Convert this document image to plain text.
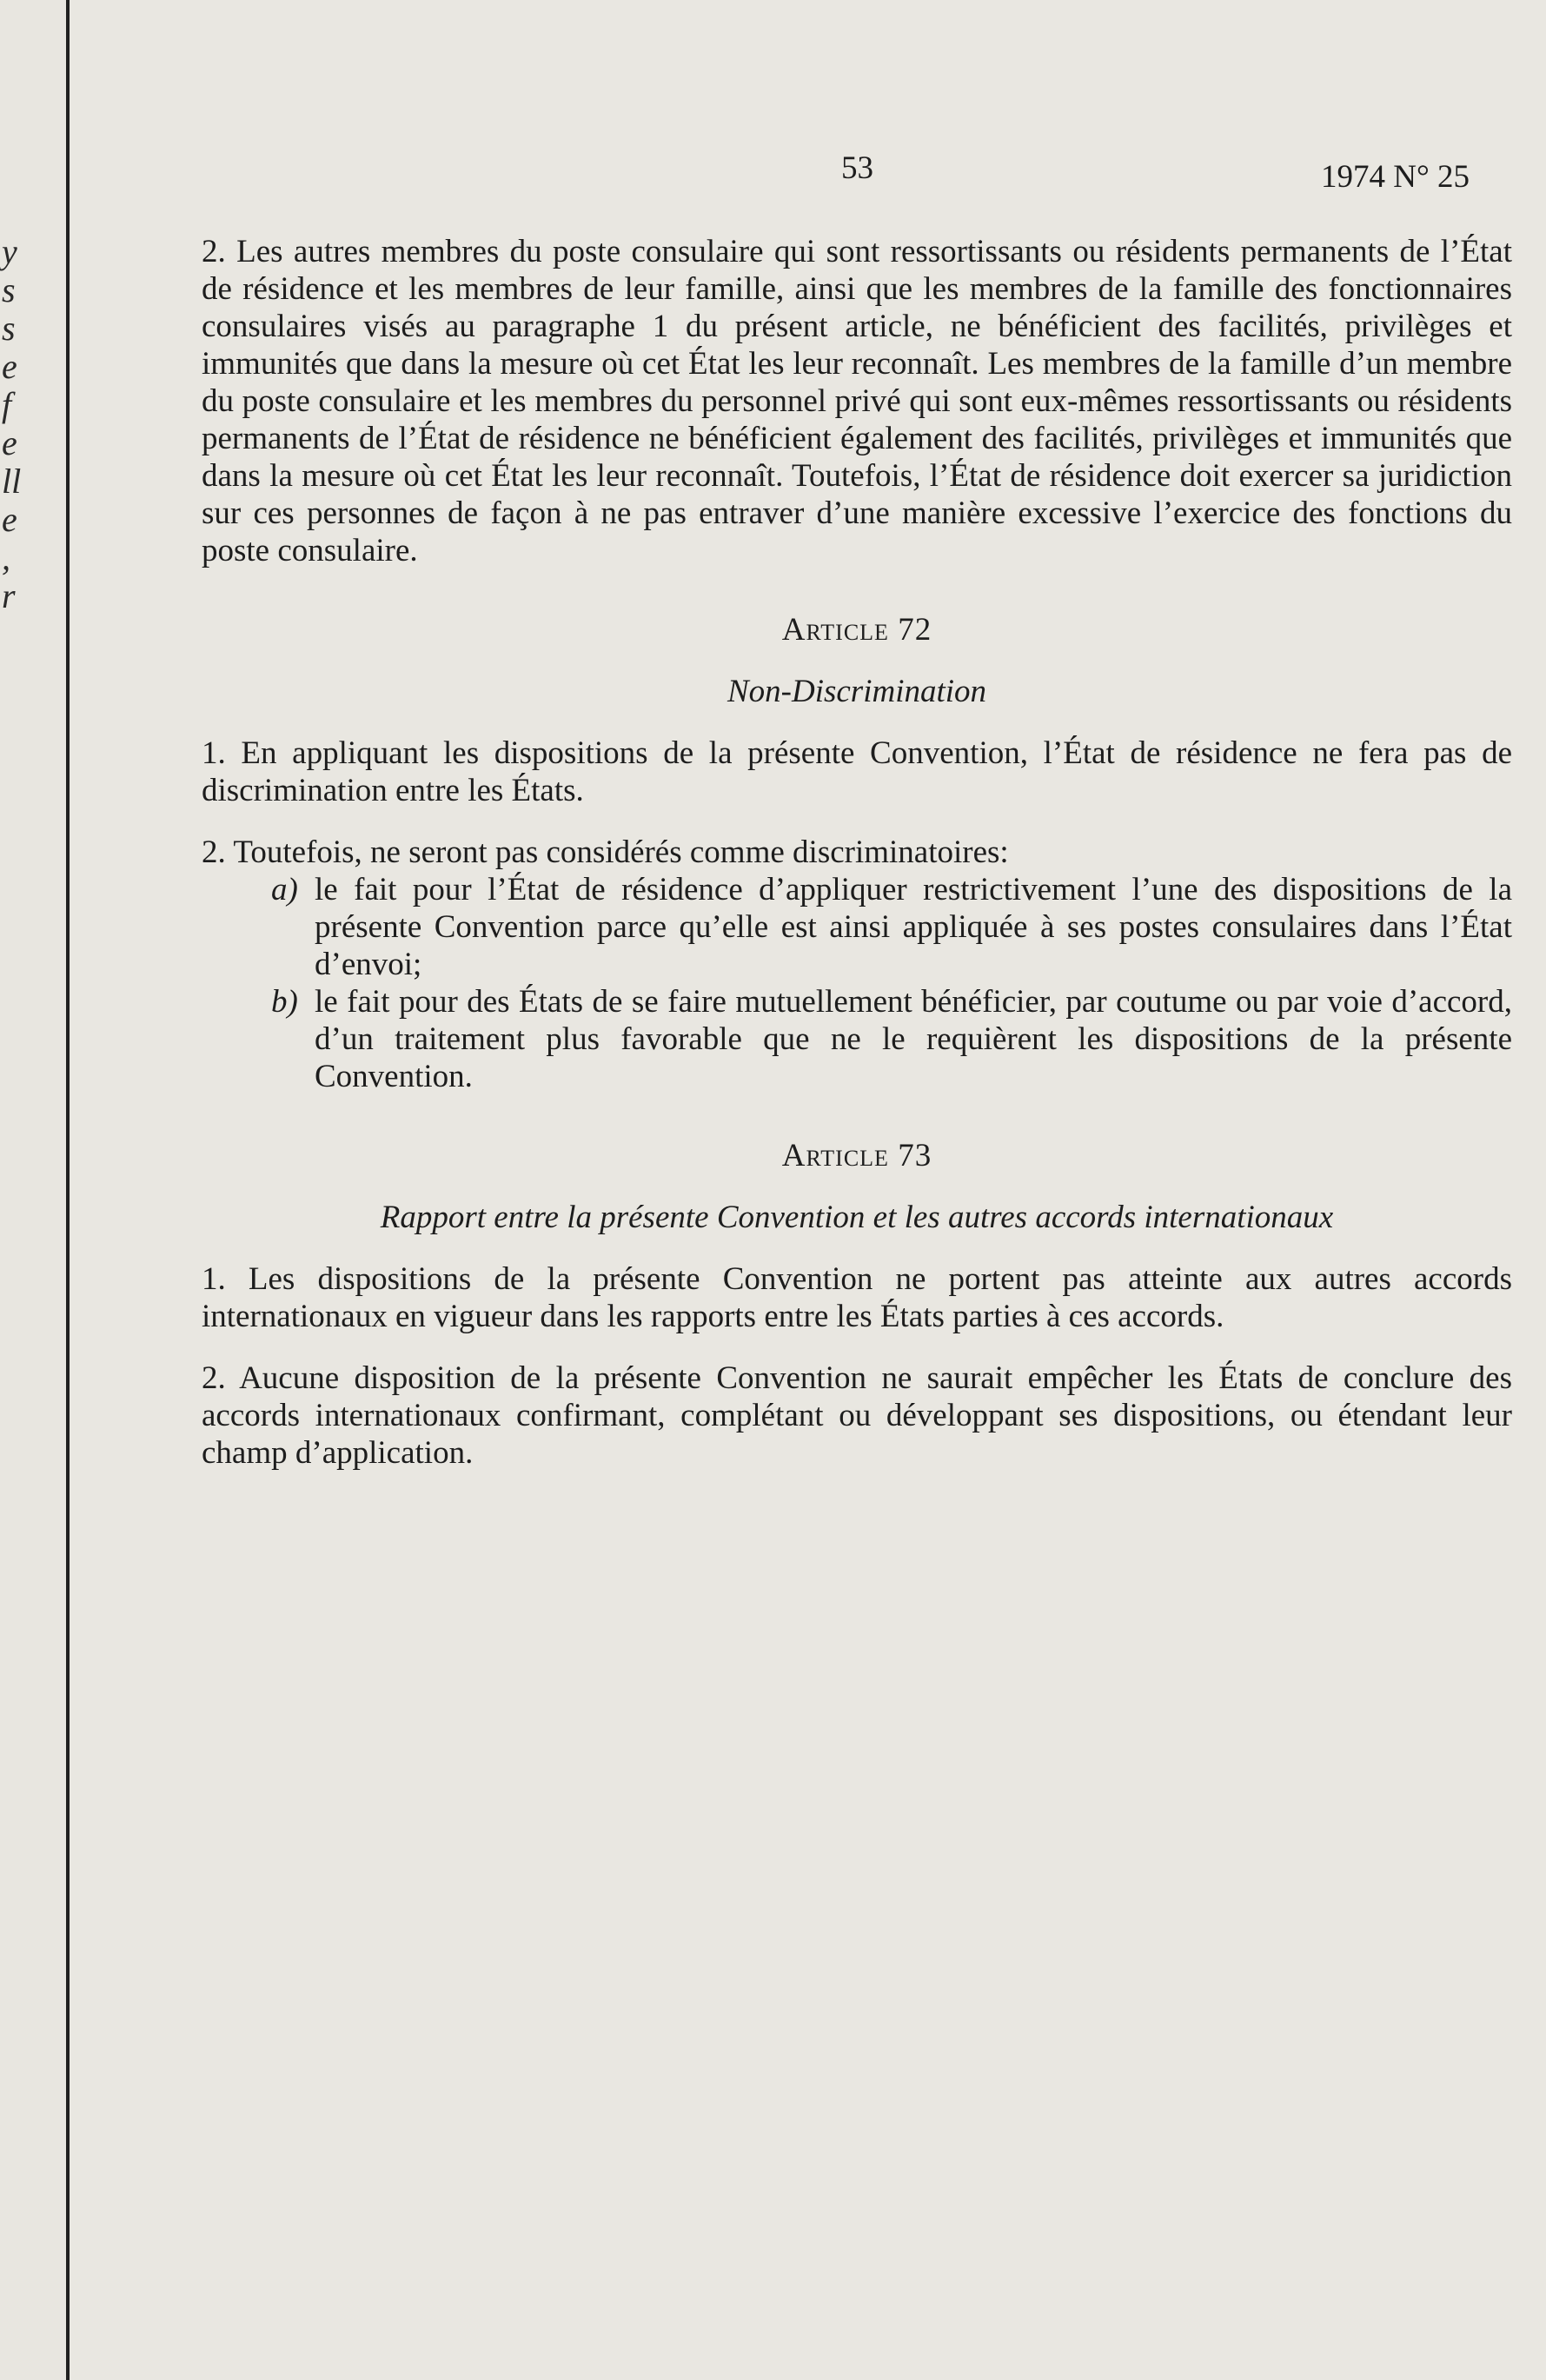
y
s
s
e
f
e
ll
e
,
r
53	1974 N° 25

2. Les autres membres du poste consulaire qui sont ressortissants ou résidents permanents de l’État de résidence et les membres de leur famille, ainsi que les membres de la famille des fonctionnaires consulaires visés au paragraphe 1 du présent article, ne bénéficient des facilités, privilèges et immunités que dans la mesure où cet État les leur reconnaît. Les membres de la famille d’un membre du poste consulaire et les membres du personnel privé qui sont eux-mêmes ressortissants ou résidents permanents de l’État de résidence ne bénéficient également des facilités, privilèges et immunités que dans la mesure où cet État les leur reconnaît. Toutefois, l’État de résidence doit exercer sa juridiction sur ces personnes de façon à ne pas entraver d’une manière excessive l’exercice des fonctions du poste consulaire.

Article 72

Non-Discrimination

1. En appliquant les dispositions de la présente Convention, l’État de résidence ne fera pas de discrimination entre les États.

2. Toutefois, ne seront pas considérés comme discriminatoires:

a) le fait pour l’État de résidence d’appliquer restrictivement l’une des dispositions de la présente Convention parce qu’elle est ainsi appliquée à ses postes consulaires dans l’État d’envoi;
b) le fait pour des États de se faire mutuellement bénéficier, par coutume ou par voie d’accord, d’un traitement plus favorable que ne le requièrent les dispositions de la présente Convention.

Article 73

Rapport entre la présente Convention et les autres accords internationaux

1. Les dispositions de la présente Convention ne portent pas atteinte aux autres accords internationaux en vigueur dans les rapports entre les États parties à ces accords.

2. Aucune disposition de la présente Convention ne saurait empêcher les États de conclure des accords internationaux confirmant, complétant ou développant ses dispositions, ou étendant leur champ d’application.
